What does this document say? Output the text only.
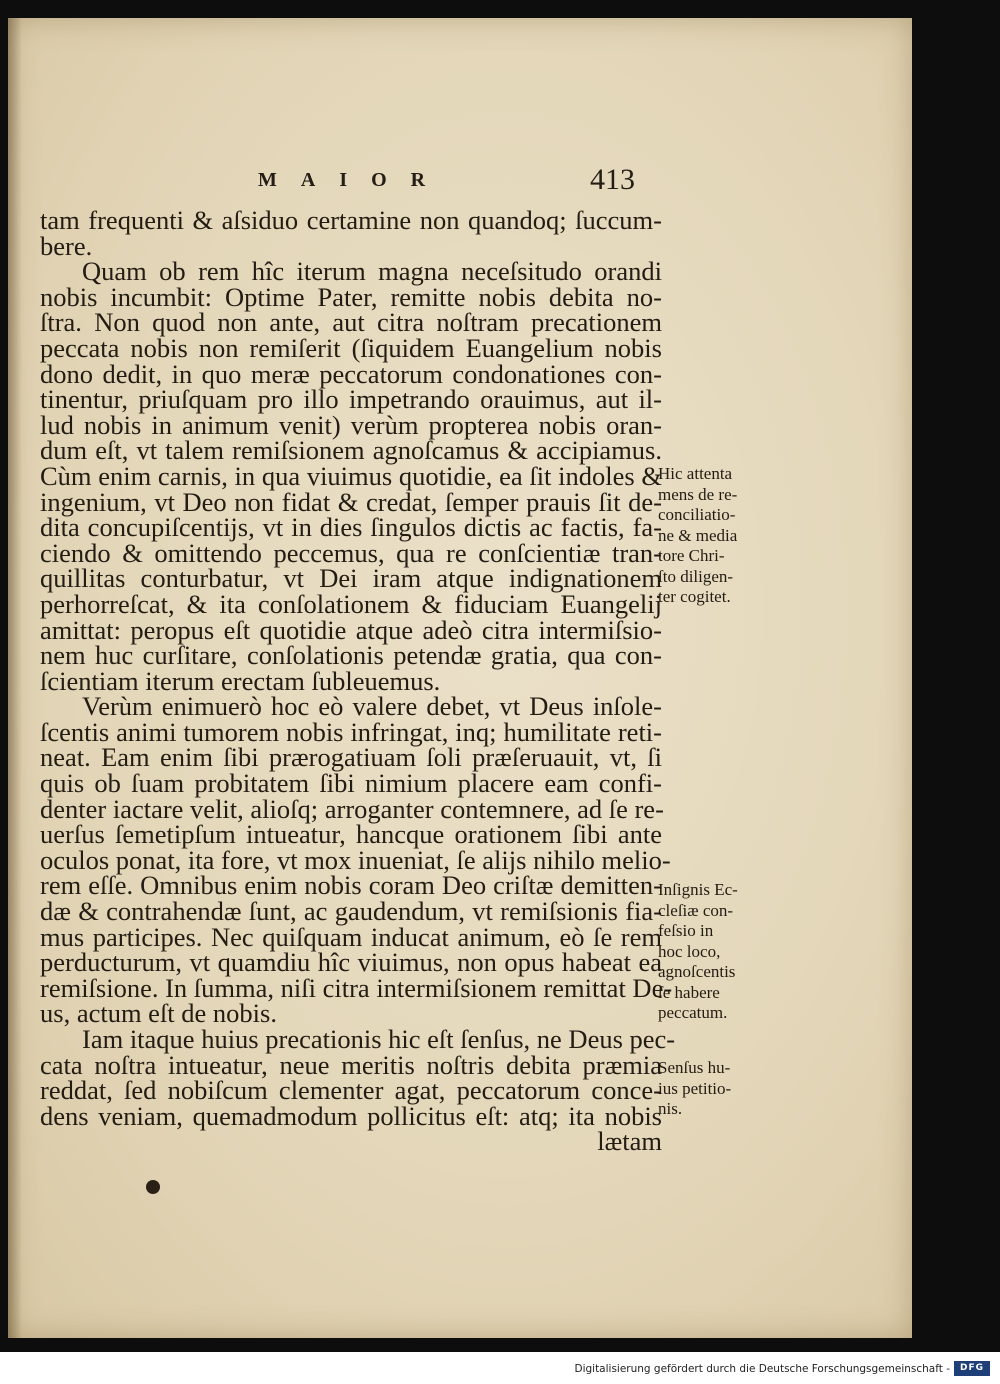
MAIOR	413
tam frequenti & aſsiduo certamine non quandoq; ſuccum-
bere.
Quam ob rem hîc iterum magna neceſsitudo orandi
nobis incumbit: Optime Pater, remitte nobis debita no-
ſtra. Non quod non ante, aut citra noſtram precationem
peccata nobis non remiſerit (ſiquidem Euangelium nobis
dono dedit, in quo meræ peccatorum condonationes con-
tinentur, priuſquam pro illo impetrando orauimus, aut il-
lud nobis in animum venit) verùm propterea nobis oran-
dum eſt, vt talem remiſsionem agnoſcamus & accipiamus.
Cùm enim carnis, in qua viuimus quotidie, ea ſit indoles &
ingenium, vt Deo non fidat & credat, ſemper prauis ſit de-
dita concupiſcentijs, vt in dies ſingulos dictis ac factis, fa-
ciendo & omittendo peccemus, qua re conſcientiæ tran-
quillitas conturbatur, vt Dei iram atque indignationem
perhorreſcat, & ita conſolationem & fiduciam Euangelij
amittat: peropus eſt quotidie atque adeò citra intermiſsio-
nem huc curſitare, conſolationis petendæ gratia, qua con-
ſcientiam iterum erectam ſubleuemus.
Verùm enimuerò hoc eò valere debet, vt Deus inſole-
ſcentis animi tumorem nobis infringat, inq; humilitate reti-
neat. Eam enim ſibi prærogatiuam ſoli præſeruauit, vt, ſi
quis ob ſuam probitatem ſibi nimium placere eam confi-
denter iactare velit, alioſq; arroganter contemnere, ad ſe re-
uerſus ſemetipſum intueatur, hancque orationem ſibi ante
oculos ponat, ita fore, vt mox inueniat, ſe alijs nihilo melio-
rem eſſe. Omnibus enim nobis coram Deo criſtæ demitten-
dæ & contrahendæ ſunt, ac gaudendum, vt remiſsionis fia-
mus participes. Nec quiſquam inducat animum, eò ſe rem
perducturum, vt quamdiu hîc viuimus, non opus habeat ea
remiſsione. In ſumma, niſi citra intermiſsionem remittat De-
us, actum eſt de nobis.
Iam itaque huius precationis hic eſt ſenſus, ne Deus pec-
cata noſtra intueatur, neue meritis noſtris debita præmia
reddat, ſed nobiſcum clementer agat, peccatorum conce-
dens veniam, quemadmodum pollicitus eſt: atq; ita nobis
lætam
Hic attenta
mens de re-
conciliatio-
ne & media
tore Chri-
ſto diligen-
ter cogitet.
Inſignis Ec-
cleſiæ con-
feſsio in
hoc loco,
agnoſcentis
ſe habere
peccatum.
Senſus hu-
ius petitio-
nis.
Digitalisierung gefördert durch die Deutsche Forschungsgemeinschaft -	DFG
